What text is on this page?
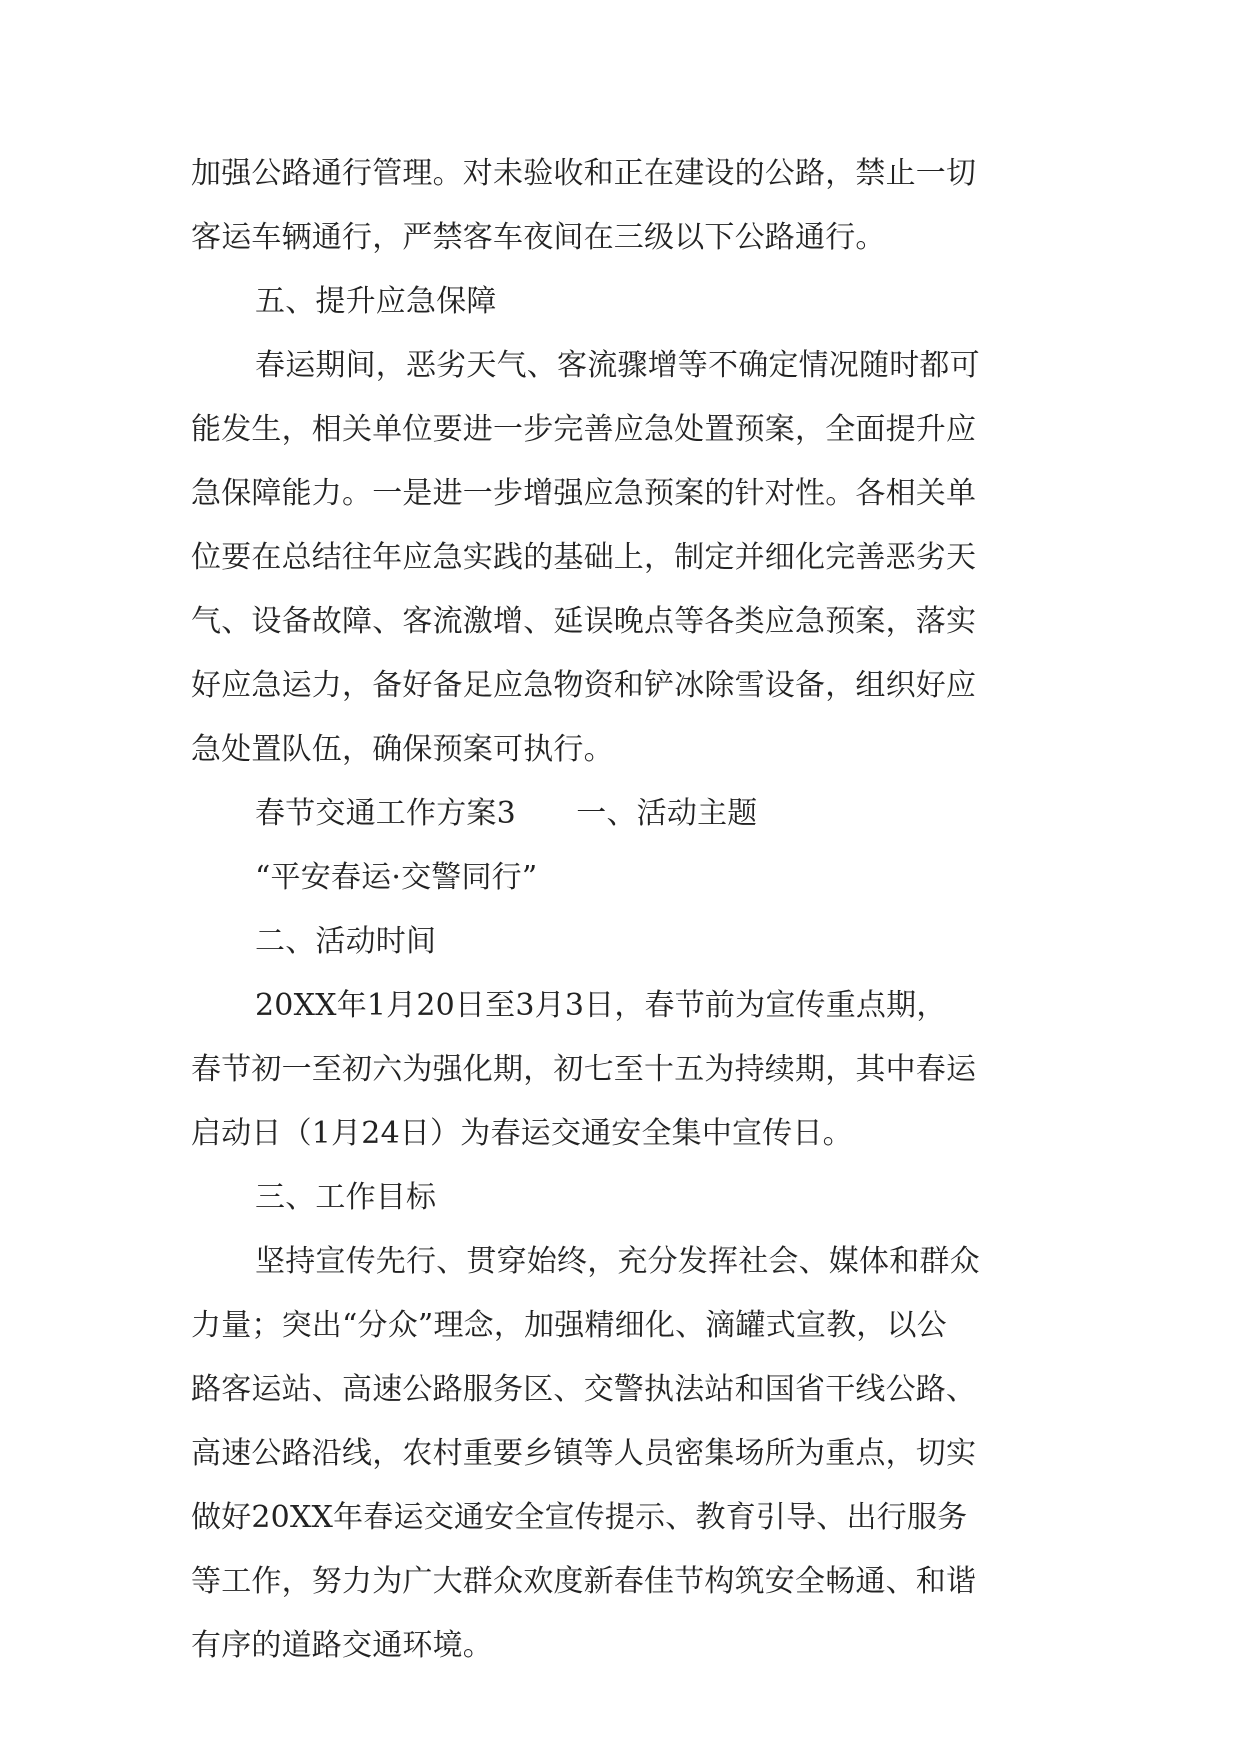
加强公路通行管理。对未验收和正在建设的公路，禁止一切
客运车辆通行，严禁客车夜间在三级以下公路通行。
五、提升应急保障
春运期间，恶劣天气、客流骤增等不确定情况随时都可
能发生，相关单位要进一步完善应急处置预案，全面提升应
急保障能力。一是进一步增强应急预案的针对性。各相关单
位要在总结往年应急实践的基础上，制定并细化完善恶劣天
气、设备故障、客流激增、延误晚点等各类应急预案，落实
好应急运力，备好备足应急物资和铲冰除雪设备，组织好应
急处置队伍，确保预案可执行。
春节交通工作方案3　　一、活动主题
“平安春运·交警同行”
二、活动时间
20XX年1月20日至3月3日，春节前为宣传重点期，
春节初一至初六为强化期，初七至十五为持续期，其中春运
启动日（1月24日）为春运交通安全集中宣传日。
三、工作目标
坚持宣传先行、贯穿始终，充分发挥社会、媒体和群众
力量；突出“分众”理念，加强精细化、滴罐式宣教，以公
路客运站、高速公路服务区、交警执法站和国省干线公路、
高速公路沿线，农村重要乡镇等人员密集场所为重点，切实
做好20XX年春运交通安全宣传提示、教育引导、出行服务
等工作，努力为广大群众欢度新春佳节构筑安全畅通、和谐
有序的道路交通环境。
